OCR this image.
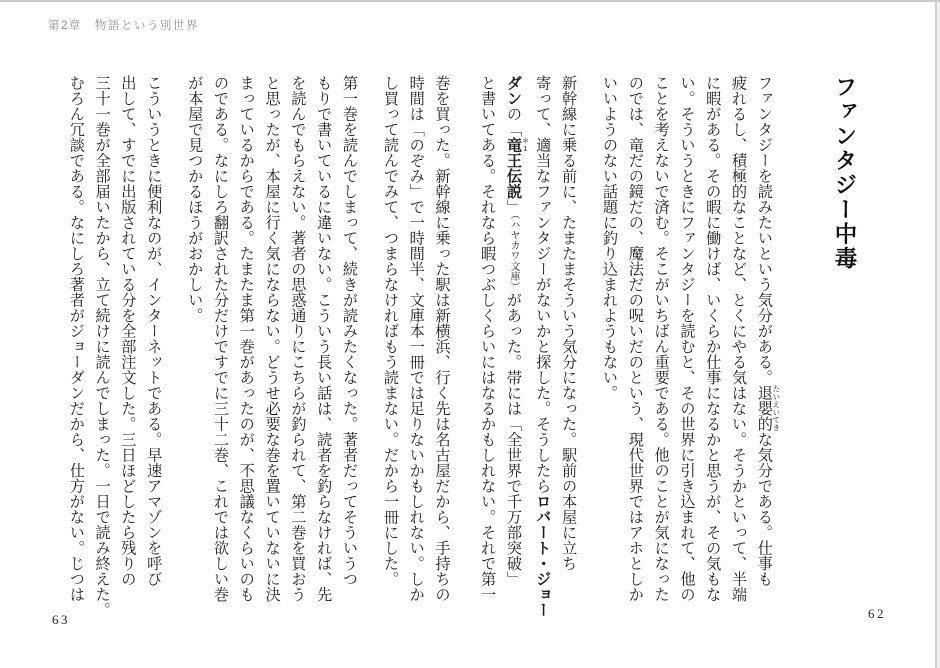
第2章　物語という別世界
ファンタジー中毒

ファンタジーを読みたいという気分がある。退嬰的 たいえいてきな気分である。仕事も

疲れるし、積極的なことなど、とくにやる気はない。そうかといって、半端

に暇がある。その暇に働けば、いくらか仕事になるかと思うが、その気もな

い。そういうときにファンタジーを読むと、その世界に引き込まれて、他の

ことを考えないで済む。そこがいちばん重要である。他のことが気になった

のでは、竜だの鏡だの、魔法だの呪いだのという、現代世界ではアホとしか

いいようのない話題に釣り込まれようもない。

新幹線に乗る前に、たまたまそういう気分になった。駅前の本屋に立ち

寄って、適当なファンタジーがないかと探した。そうしたらロバート・ジョー

ダンの「竜 ＊1王伝説」（ハヤカワ文庫）があった。帯には「全世界で千万部突破」

と書いてある。それなら暇つぶしくらいにはなるかもしれない。それで第一

巻を買った。新幹線に乗った駅は新横浜、行く先は名古屋だから、手持ちの

時間は「のぞみ」で一時間半、文庫本一冊では足りないかもしれない。しか

し買って読んでみて、つまらなければもう読まない。だから一冊にした。

第一巻を読んでしまって、続きが読みたくなった。著者だってそういうつ

もりで書いているに違いない。こういう長い話は、読者を釣らなければ、先

を読んでもらえない。著者の思惑通りにこちらが釣られて、第二巻を買おう

と思ったが、本屋に行く気にならない。どうせ必要な巻を置いていないに決

まっているからである。たまたま第一巻があったのが、不思議なくらいのも

のである。なにしろ翻訳された分だけですでに三十二巻、これでは欲しい巻

が本屋で見つかるほうがおかしい。

こういうときに便利なのが、インターネットである。早速アマゾンを呼び

出して、すでに出版されている分を全部注文した。三日ほどしたら残りの

三十一巻が全部届いたから、立て続けに読んでしまった。一日で読み終えた。

むろん冗談である。なにしろ著者がジョーダンだから、仕方がない。じつは

62
63
